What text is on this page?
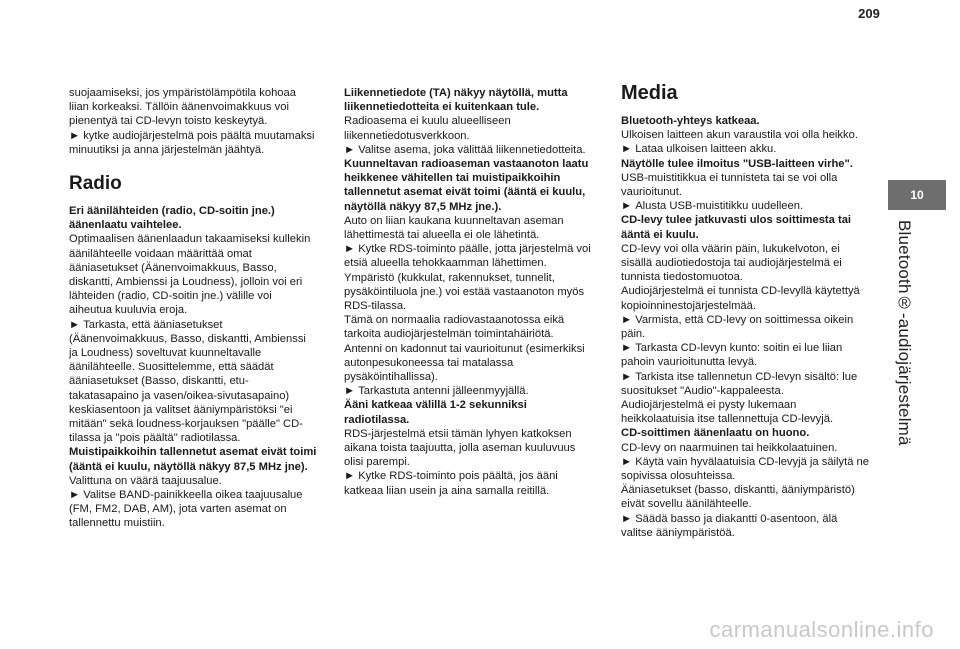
209
10
Bluetooth®-audiojärjestelmä

suojaamiseksi, jos ympäristölämpötila kohoaa liian korkeaksi. Tällöin äänenvoimakkuus voi pienentyä tai CD-levyn toisto keskeytyä.

► kytke audiojärjestelmä pois päältä muutamaksi minuutiksi ja anna järjestelmän jäähtyä.

Radio

Eri äänilähteiden (radio, CD-soitin jne.) äänenlaatu vaihtelee.

Optimaalisen äänenlaadun takaamiseksi kullekin äänilähteelle voidaan määrittää omat ääniasetukset (Äänenvoimakkuus, Basso, diskantti, Ambienssi ja Loudness), jolloin voi eri lähteiden (radio, CD-soitin jne.) välille voi aiheutua kuuluvia eroja.

► Tarkasta, että ääniasetukset (Äänenvoimakkuus, Basso, diskantti, Ambienssi ja Loudness) soveltuvat kuunneltavalle äänilähteelle. Suosittelemme, että säädät ääniasetukset (Basso, diskantti, etu-takatasapaino ja vasen/oikea-sivutasapaino) keskiasentoon ja valitset ääniympäristöksi "ei mitään" sekä loudness-korjauksen "päälle" CD-tilassa ja "pois päältä" radiotilassa.

Muistipaikkoihin tallennetut asemat eivät toimi (ääntä ei kuulu, näytöllä näkyy 87,5 MHz jne).

Valittuna on väärä taajuusalue.

► Valitse BAND-painikkeella oikea taajuusalue (FM, FM2, DAB, AM), jota varten asemat on tallennettu muistiin.

Liikennetiedote (TA) näkyy näytöllä, mutta liikennetiedotteita ei kuitenkaan tule.

Radioasema ei kuulu alueelliseen liikennetiedotusverkkoon.

► Valitse asema, joka välittää liikennetiedotteita.

Kuunneltavan radioaseman vastaanoton laatu heikkenee vähitellen tai muistipaikkoihin tallennetut asemat eivät toimi (ääntä ei kuulu, näytöllä näkyy 87,5 MHz jne.).

Auto on liian kaukana kuunneltavan aseman lähettimestä tai alueella ei ole lähetintä.

► Kytke RDS-toiminto päälle, jotta järjestelmä voi etsiä alueella tehokkaamman lähettimen.

Ympäristö (kukkulat, rakennukset, tunnelit, pysäköintiluola jne.) voi estää vastaanoton myös RDS-tilassa.

Tämä on normaalia radiovastaanotossa eikä tarkoita audiojärjestelmän toimintahäiriötä.

Antenni on kadonnut tai vaurioitunut (esimerkiksi autonpesukoneessa tai matalassa pysäköintihallissa).

► Tarkastuta antenni jälleenmyyjällä.

Ääni katkeaa välillä 1-2 sekunniksi radiotilassa.

RDS-järjestelmä etsii tämän lyhyen katkoksen aikana toista taajuutta, jolla aseman kuuluvuus olisi parempi.

► Kytke RDS-toiminto pois päältä, jos ääni katkeaa liian usein ja aina samalla reitillä.

Media

Bluetooth-yhteys katkeaa.

Ulkoisen laitteen akun varaustila voi olla heikko.

► Lataa ulkoisen laitteen akku.

Näytölle tulee ilmoitus "USB-laitteen virhe".

USB-muistitikkua ei tunnisteta tai se voi olla vaurioitunut.

► Alusta USB-muistitikku uudelleen.

CD-levy tulee jatkuvasti ulos soittimesta tai ääntä ei kuulu.

CD-levy voi olla väärin päin, lukukelvoton, ei sisällä audiotiedostoja tai audiojärjestelmä ei tunnista tiedostomuotoa.

Audiojärjestelmä ei tunnista CD-levyllä käytettyä kopioinninestojärjestelmää.

► Varmista, että CD-levy on soittimessa oikein päin.

► Tarkasta CD-levyn kunto: soitin ei lue liian pahoin vaurioitunutta levyä.

► Tarkista itse tallennetun CD-levyn sisältö: lue suositukset "Audio"-kappaleesta.

Audiojärjestelmä ei pysty lukemaan heikkolaatuisia itse tallennettuja CD-levyjä.

CD-soittimen äänenlaatu on huono.

CD-levy on naarmuinen tai heikkolaatuinen.

► Käytä vain hyvälaatuisia CD-levyjä ja säilytä ne sopivissa olosuhteissa.

Ääniasetukset (basso, diskantti, ääniympäristö) eivät sovellu äänilähteelle.

► Säädä basso ja diakantti 0-asentoon, älä valitse ääniympäristöä.

carmanualsonline.info
